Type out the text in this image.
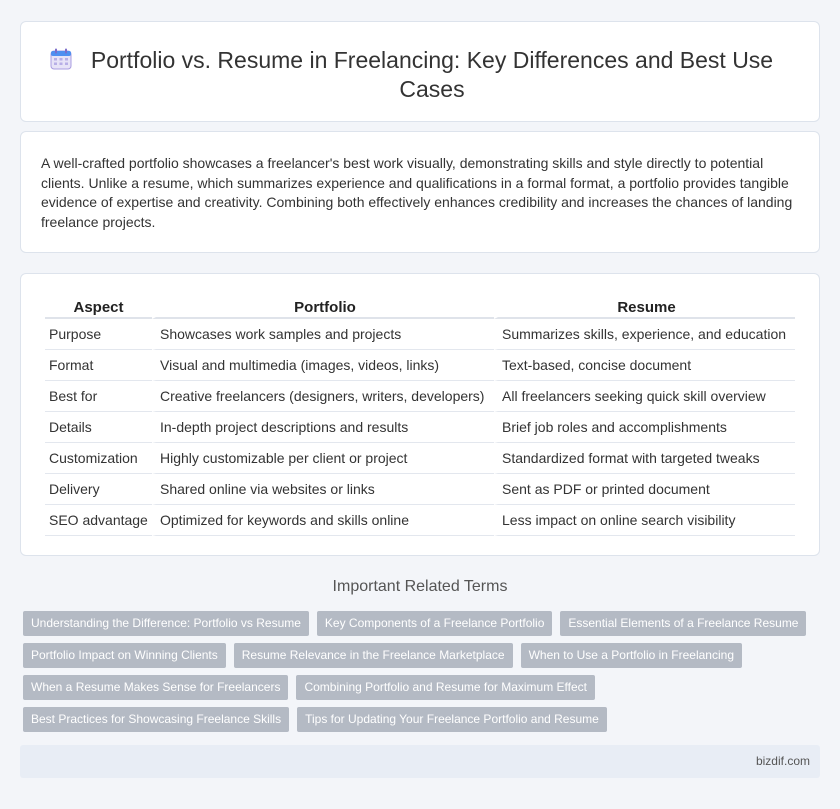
Portfolio vs. Resume in Freelancing: Key Differences and Best Use Cases

A well-crafted portfolio showcases a freelancer's best work visually, demonstrating skills and style directly to potential clients. Unlike a resume, which summarizes experience and qualifications in a formal format, a portfolio provides tangible evidence of expertise and creativity. Combining both effectively enhances credibility and increases the chances of landing freelance projects.

Aspect	Portfolio	Resume
Purpose	Showcases work samples and projects	Summarizes skills, experience, and education
Format	Visual and multimedia (images, videos, links)	Text-based, concise document
Best for	Creative freelancers (designers, writers, developers)	All freelancers seeking quick skill overview
Details	In-depth project descriptions and results	Brief job roles and accomplishments
Customization	Highly customizable per client or project	Standardized format with targeted tweaks
Delivery	Shared online via websites or links	Sent as PDF or printed document
SEO advantage	Optimized for keywords and skills online	Less impact on online search visibility
Important Related Terms
Understanding the Difference: Portfolio vs Resume	Key Components of a Freelance Portfolio	Essential Elements of a Freelance Resume
Portfolio Impact on Winning Clients	Resume Relevance in the Freelance Marketplace	When to Use a Portfolio in Freelancing
When a Resume Makes Sense for Freelancers	Combining Portfolio and Resume for Maximum Effect
Best Practices for Showcasing Freelance Skills	Tips for Updating Your Freelance Portfolio and Resume
bizdif.com
